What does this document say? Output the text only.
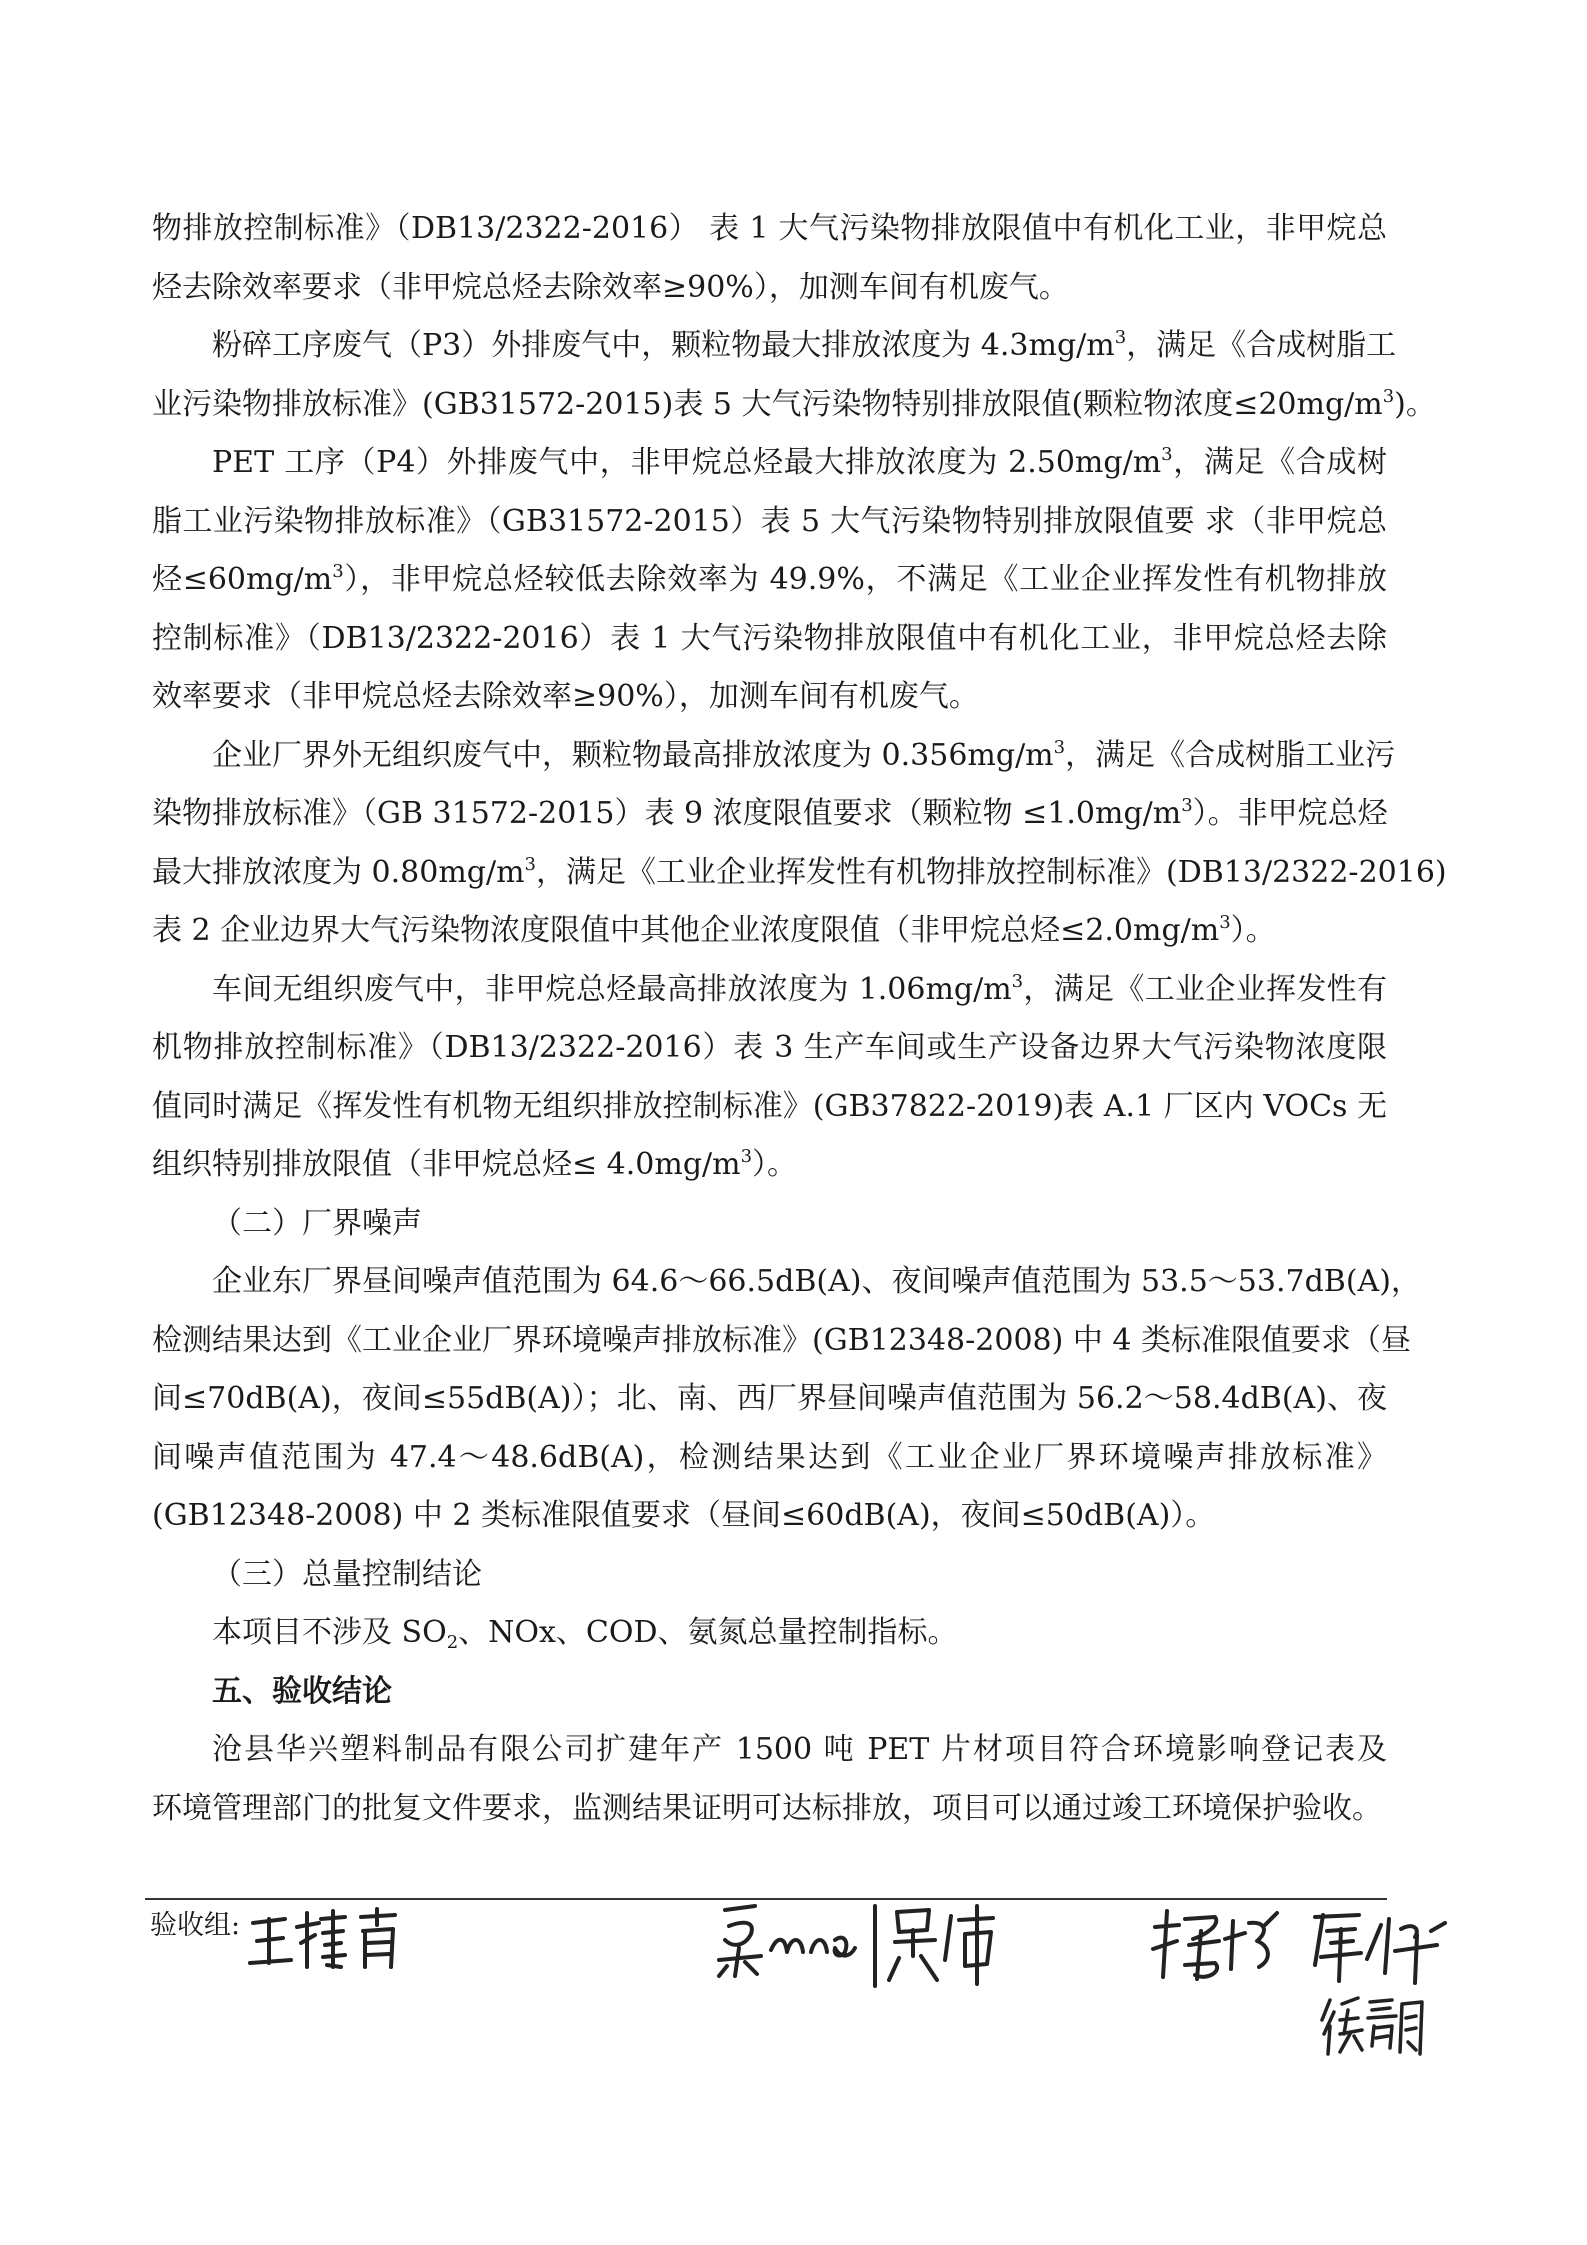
物排放控制标准》（DB13/2322-2016） 表 1 大气污染物排放限值中有机化工业，非甲烷总
烃去除效率要求（非甲烷总烃去除效率≥90%），加测车间有机废气。
粉碎工序废气（P3）外排废气中，颗粒物最大排放浓度为 $4.3mg/m^3$，满足《合成树脂工
业污染物排放标准》(GB31572-2015)表 5 大气污染物特别排放限值(颗粒物浓度$\le 20mg/m^3$)。
PET 工序（P4）外排废气中，非甲烷总烃最大排放浓度为 $2.50mg/m^3$，满足《合成树
脂工业污染物排放标准》（GB31572-2015）表 5 大气污染物特别排放限值要 求（非甲烷总
烃$\le 60mg/m^3$），非甲烷总烃较低去除效率为 49.9%，不满足《工业企业挥发性有机物排放
控制标准》（DB13/2322-2016）表 1 大气污染物排放限值中有机化工业，非甲烷总烃去除
效率要求（非甲烷总烃去除效率≥90%），加测车间有机废气。
企业厂界外无组织废气中，颗粒物最高排放浓度为 $0.356mg/m^3$，满足《合成树脂工业污
染物排放标准》（GB 31572-2015）表 9 浓度限值要求（颗粒物 $\le 1.0mg/m^3$）。非甲烷总烃
最大排放浓度为 $0.80mg/m^3$，满足《工业企业挥发性有机物排放控制标准》(DB13/2322-2016)
表 2 企业边界大气污染物浓度限值中其他企业浓度限值（非甲烷总烃$\le 2.0mg/m^3$）。
车间无组织废气中，非甲烷总烃最高排放浓度为 $1.06mg/m^3$，满足《工业企业挥发性有
机物排放控制标准》（DB13/2322-2016）表 3 生产车间或生产设备边界大气污染物浓度限
值同时满足《挥发性有机物无组织排放控制标准》(GB37822-2019)表 A.1 厂区内 VOCs 无
组织特别排放限值（非甲烷总烃≤ $4.0mg/m^3$）。
（二）厂界噪声
企业东厂界昼间噪声值范围为 64.6～66.5dB(A)、夜间噪声值范围为 53.5～53.7dB(A)，
检测结果达到《工业企业厂界环境噪声排放标准》(GB12348-2008) 中 4 类标准限值要求（昼
间≤70dB(A)，夜间≤55dB(A)）；北、南、西厂界昼间噪声值范围为 56.2～58.4dB(A)、夜
间噪声值范围为 47.4～48.6dB(A)，检测结果达到《工业企业厂界环境噪声排放标准》
(GB12348-2008) 中 2 类标准限值要求（昼间≤60dB(A)，夜间≤50dB(A)）。
（三）总量控制结论
本项目不涉及 $SO_2$、NOx、COD、氨氮总量控制指标。
五、验收结论
沧县华兴塑料制品有限公司扩建年产 1500 吨 PET 片材项目符合环境影响登记表及
环境管理部门的批复文件要求，监测结果证明可达标排放，项目可以通过竣工环境保护验收。
验收组:
